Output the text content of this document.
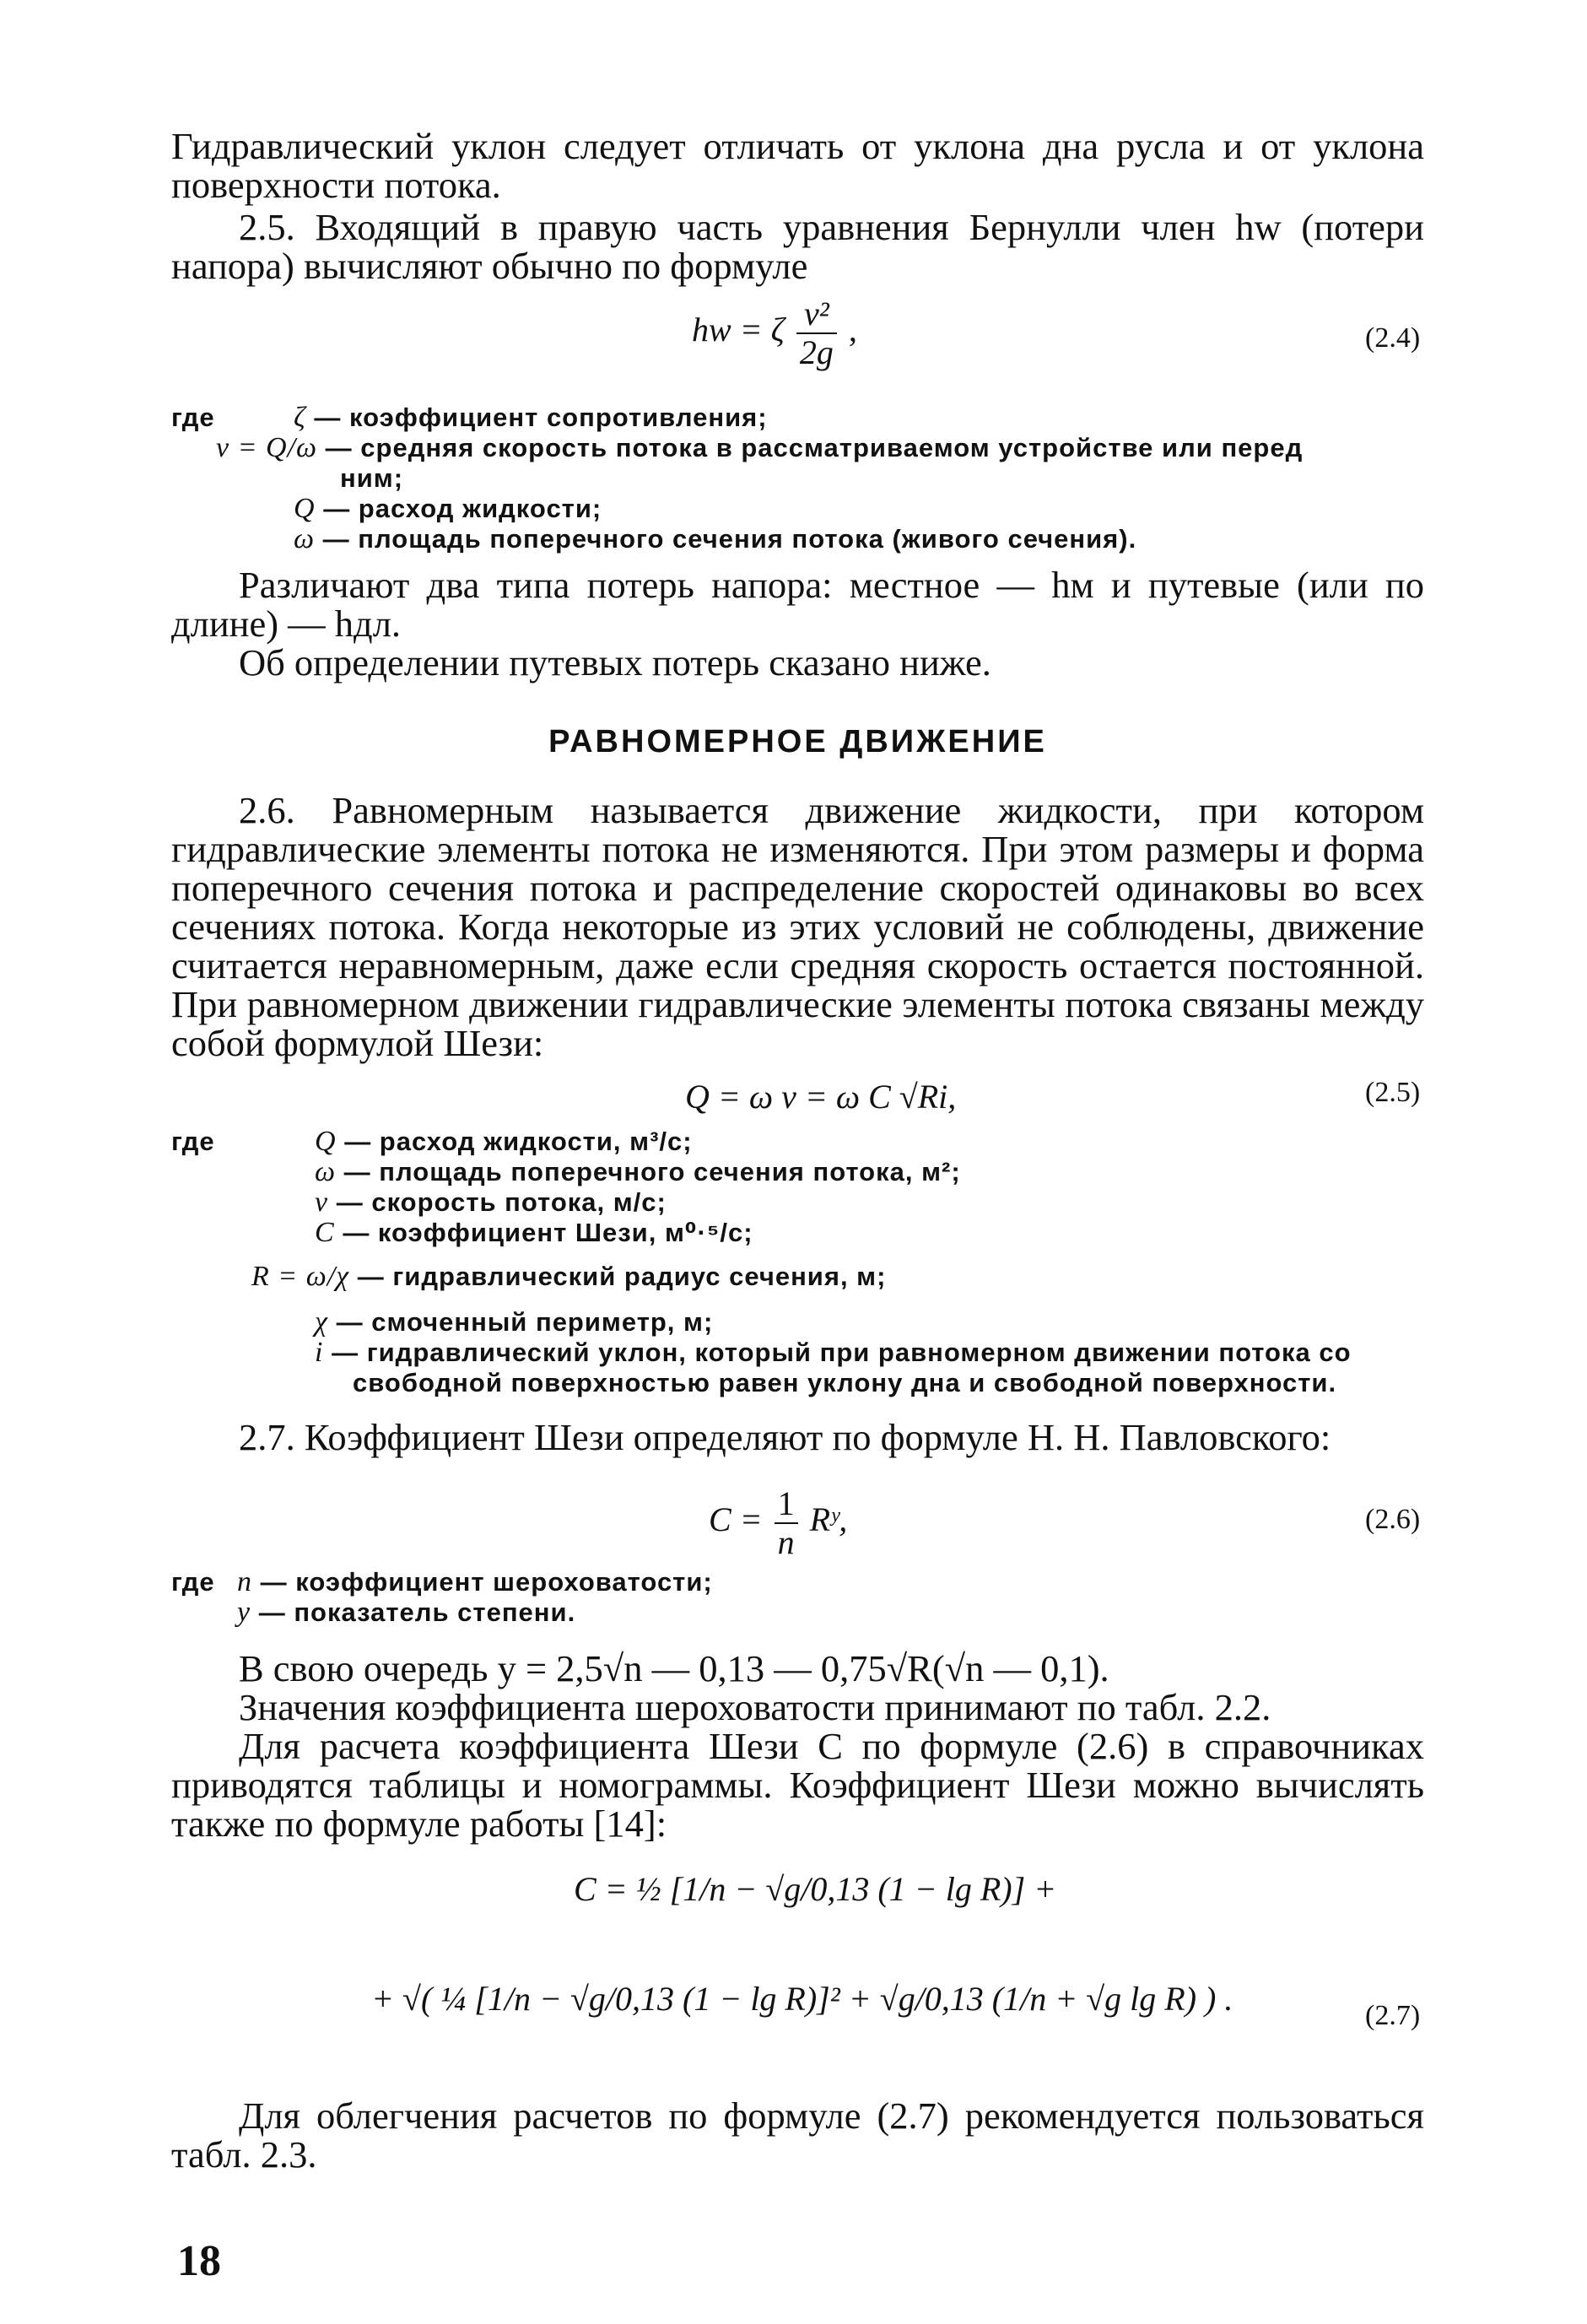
Гидравлический уклон следует отличать от уклона дна русла и от уклона поверхности потока.

2.5. Входящий в правую часть уравнения Бернулли член hw (потери напора) вычисляют обычно по формуле

hw = ζ $\frac{\text{v²}}{2g}$ ,	(2.4)
где	ζ — коэффициент сопротивления;
v = Q/ω — средняя скорость потока в рассматриваемом устройстве или перед
ним;
Q — расход жидкости;
ω — площадь поперечного сечения потока (живого сечения).

Различают два типа потерь напора: местное — hм и путевые (или по длине) — hдл.

Об определении путевых потерь сказано ниже.

РАВНОМЕРНОЕ ДВИЖЕНИЕ

2.6. Равномерным называется движение жидкости, при котором гидравлические элементы потока не изменяются. При этом размеры и форма поперечного сечения потока и распределение скоростей одинаковы во всех сечениях потока. Когда некоторые из этих условий не соблюдены, движение считается неравномерным, даже если средняя скорость остается постоянной. При равномерном движении гидравлические элементы потока связаны между собой формулой Шези:

Q = ω v = ω C √Ri,	(2.5)
где	Q — расход жидкости, м³/с;
ω — площадь поперечного сечения потока, м²;
v — скорость потока, м/с;
C — коэффициент Шези, м⁰·⁵/с;
R = ω/χ — гидравлический радиус сечения, м;
χ — смоченный периметр, м;
i — гидравлический уклон, который при равномерном движении потока со
свободной поверхностью равен уклону дна и свободной поверхности.

2.7. Коэффициент Шези определяют по формуле Н. Н. Павловского:

$C = \frac{1}{n}$ Rʸ,	(2.6)
где n — коэффициент шероховатости;
y — показатель степени.

В свою очередь y = 2,5√n — 0,13 — 0,75√R(√n — 0,1).

Значения коэффициента шероховатости принимают по табл. 2.2.

Для расчета коэффициента Шези C по формуле (2.6) в справочниках приводятся таблицы и номограммы. Коэффициент Шези можно вычислять также по формуле работы [14]:

C = ½ [1/n − √g/0,13 (1 − lg R)] +
+ √( ¼ [1/n − √g/0,13 (1 − lg R)]² + √g/0,13 (1/n + √g lg R) ) .	(2.7)

Для облегчения расчетов по формуле (2.7) рекомендуется пользоваться табл. 2.3.

18
